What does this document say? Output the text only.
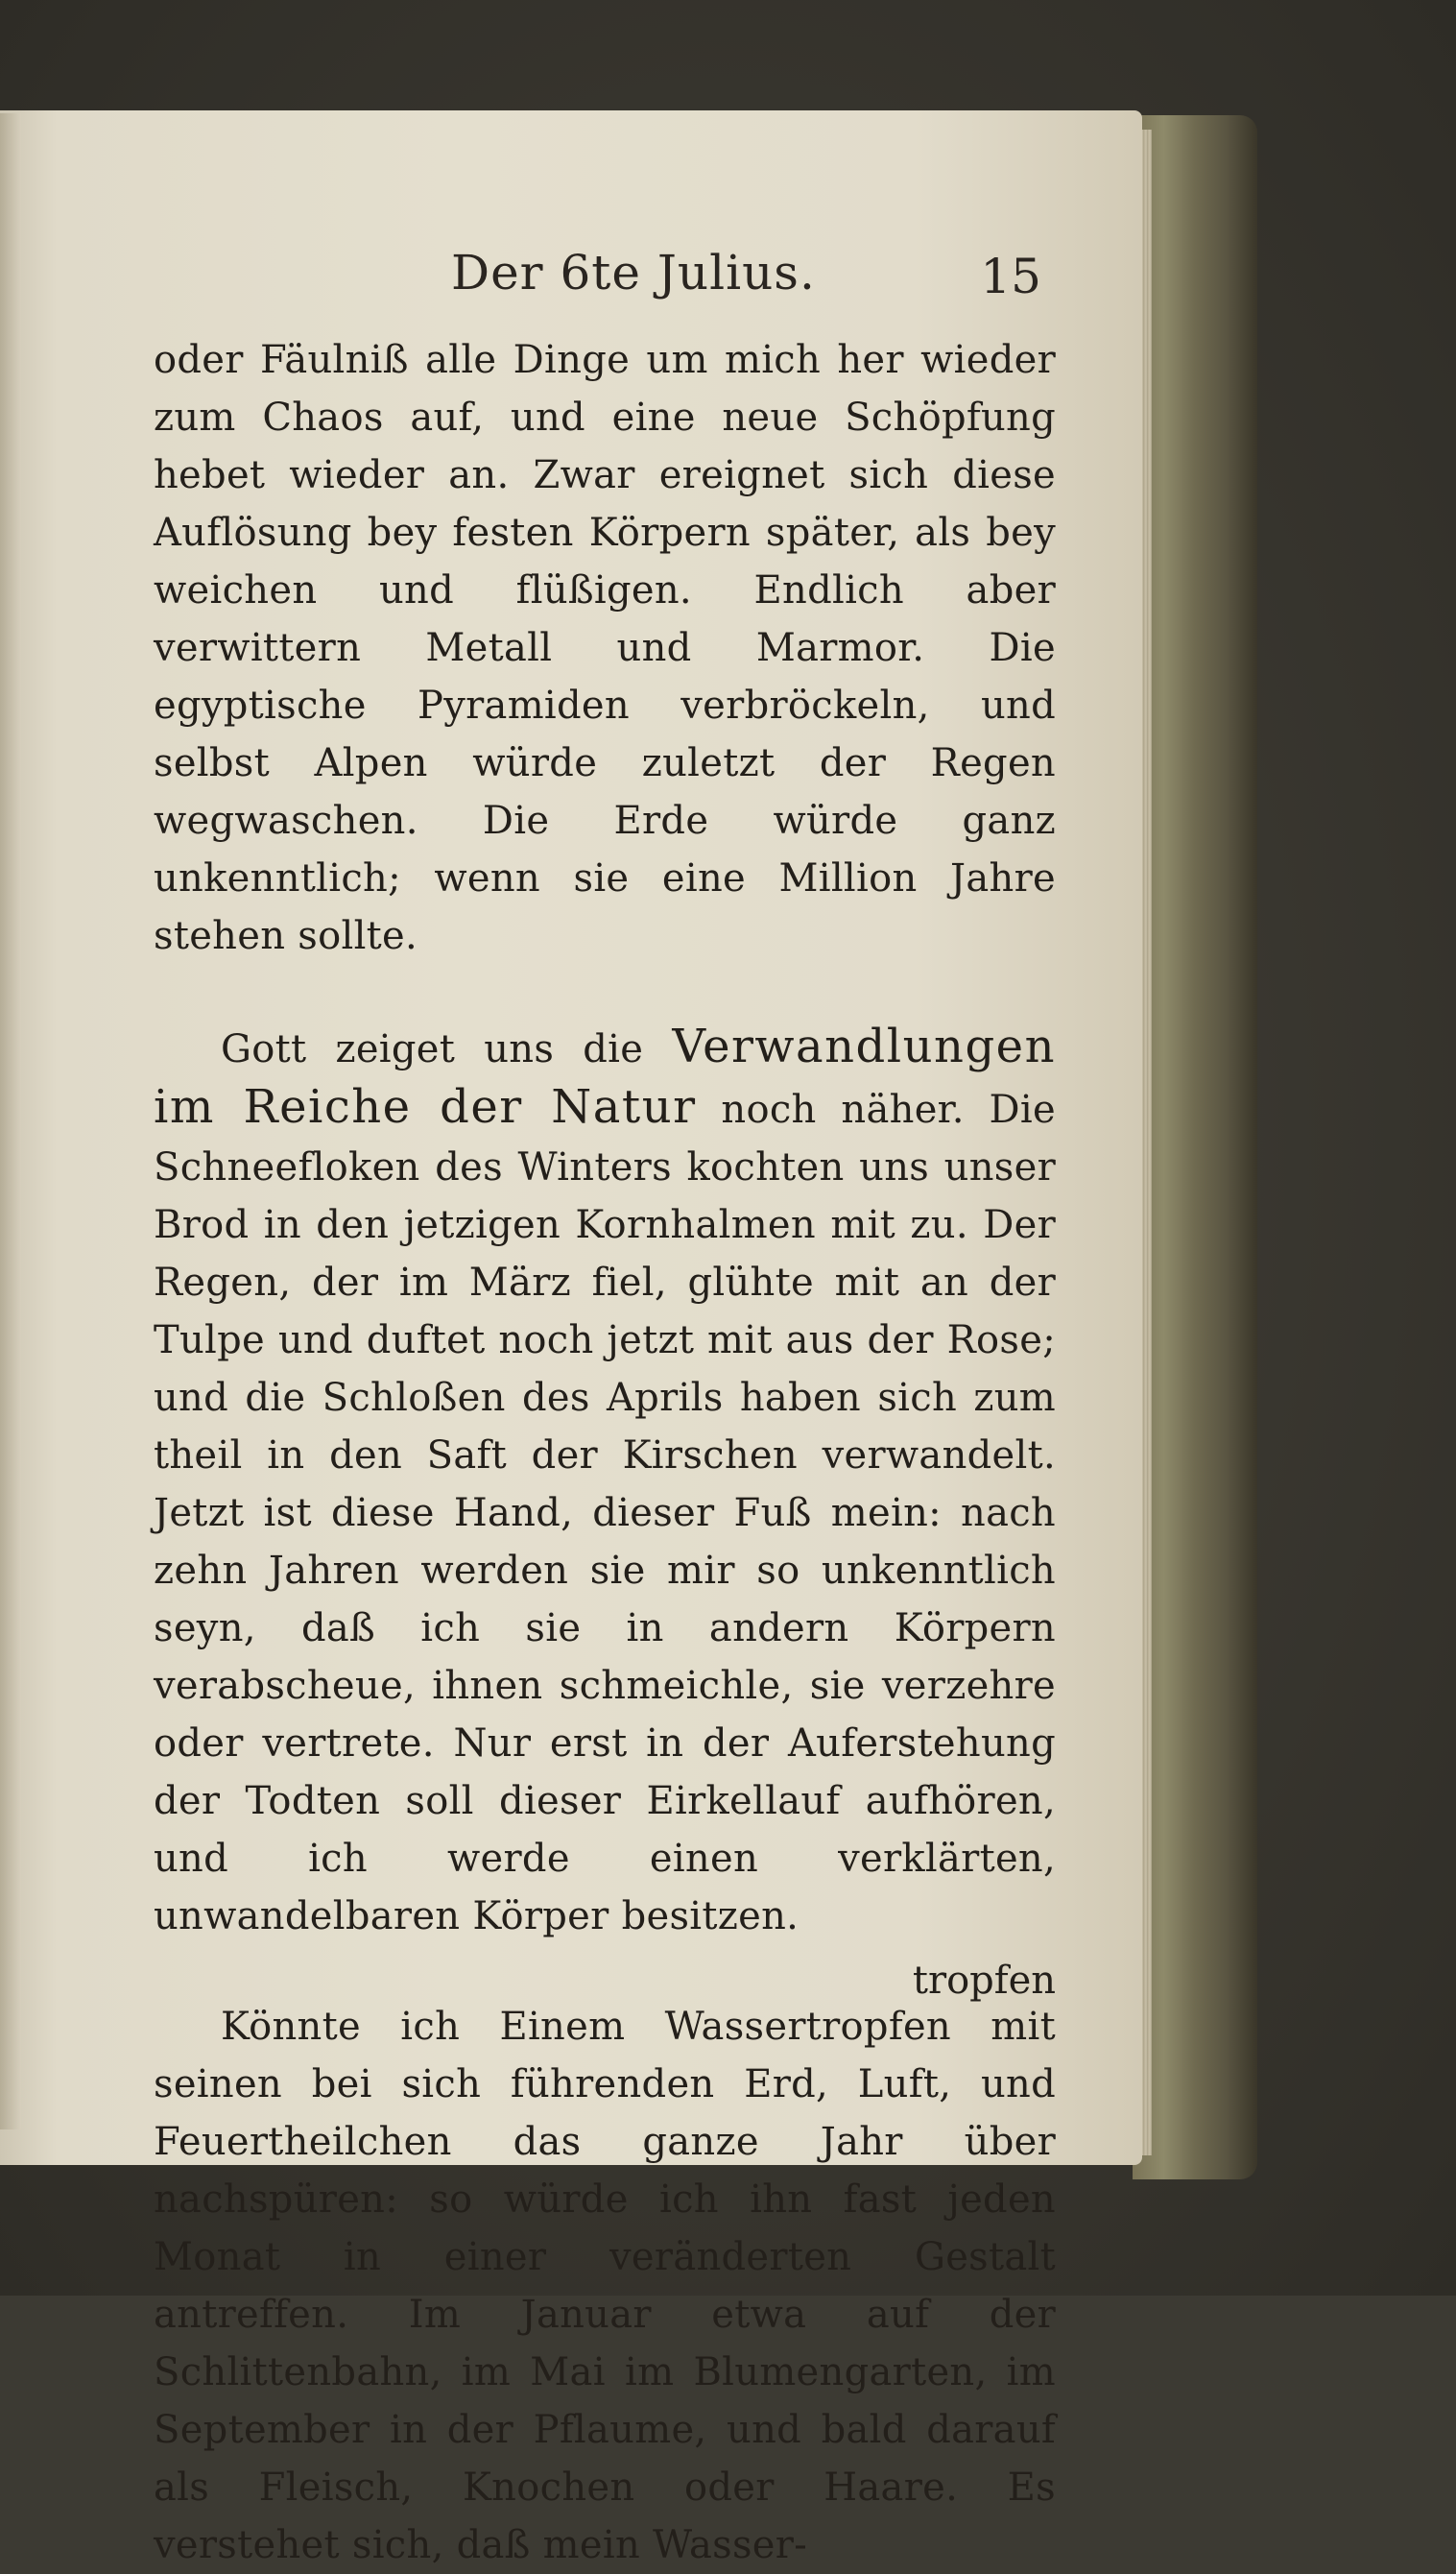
Der 6te Julius.	15

oder Fäulniß alle Dinge um mich her wieder zum Chaos auf, und eine neue Schöpfung hebet wieder an. Zwar ereignet sich diese Auflösung bey festen Körpern später, als bey weichen und flüßigen. Endlich aber verwittern Metall und Marmor. Die egyptische Pyramiden verbröckeln, und selbst Alpen würde zuletzt der Regen wegwaschen. Die Erde würde ganz unkenntlich; wenn sie eine Million Jahre stehen sollte.

Gott zeiget uns die Verwandlungen im Reiche der Natur noch näher. Die Schneefloken des Winters kochten uns unser Brod in den jetzigen Kornhalmen mit zu. Der Regen, der im März fiel, glühte mit an der Tulpe und duftet noch jetzt mit aus der Rose; und die Schloßen des Aprils haben sich zum theil in den Saft der Kirschen verwandelt. Jetzt ist diese Hand, dieser Fuß mein: nach zehn Jahren werden sie mir so unkenntlich seyn, daß ich sie in andern Körpern verabscheue, ihnen schmeichle, sie verzehre oder vertrete. Nur erst in der Auferstehung der Todten soll dieser Eirkellauf aufhören, und ich werde einen verklärten, unwandelbaren Körper besitzen.

Könnte ich Einem Wassertropfen mit seinen bei sich führenden Erd, Luft, und Feuertheilchen das ganze Jahr über nachspüren: so würde ich ihn fast jeden Monat in einer veränderten Gestalt antreffen. Im Januar etwa auf der Schlittenbahn, im Mai im Blumengarten, im September in der Pflaume, und bald darauf als Fleisch, Knochen oder Haare. Es verstehet sich, daß mein Wasser-

tropfen
